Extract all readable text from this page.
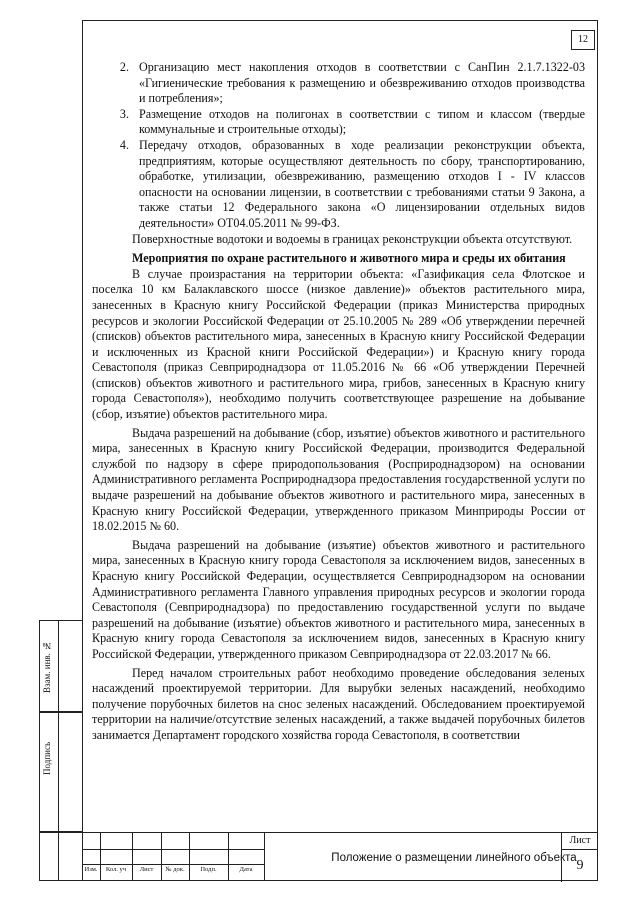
12
2. Организацию мест накопления отходов в соответствии с СанПин 2.1.7.1322-03 «Гигиенические требования к размещению и обезвреживанию отходов производства и потребления»;
3. Размещение отходов на полигонах в соответствии с типом и классом (твердые коммунальные и строительные отходы);
4. Передачу отходов, образованных в ходе реализации реконструкции объекта, предприятиям, которые осуществляют деятельность по сбору, транспортированию, обработке, утилизации, обезвреживанию, размещению отходов I - IV классов опасности на основании лицензии, в соответствии с требованиями статьи 9 Закона, а также статьи 12 Федерального закона «О лицензировании отдельных видов деятельности» ОТ04.05.2011 № 99-ФЗ.

Поверхностные водотоки и водоемы в границах реконструкции объекта отсутствуют.

Мероприятия по охране растительного и животного мира и среды их обитания

В случае произрастания на территории объекта: «Газификация села Флотское и поселка 10 км Балаклавского шоссе (низкое давление)» объектов растительного мира, занесенных в Красную книгу Российской Федерации (приказ Министерства природных ресурсов и экологии Российской Федерации от 25.10.2005 № 289 «Об утверждении перечней (списков) объектов растительного мира, занесенных в Красную книгу Российской Федерации и исключенных из Красной книги Российской Федерации») и Красную книгу города Севастополя (приказ Севприроднадзора от 11.05.2016 № 66 «Об утверждении Перечней (списков) объектов животного и растительного мира, грибов, занесенных в Красную книгу города Севастополя»), необходимо получить соответствующее разрешение на добывание (сбор, изъятие) объектов растительного мира.

Выдача разрешений на добывание (сбор, изъятие) объектов животного и растительного мира, занесенных в Красную книгу Российской Федерации, производится Федеральной службой по надзору в сфере природопользования (Росприроднадзором) на основании Административного регламента Росприроднадзора предоставления государственной услуги по выдаче разрешений на добывание объектов животного и растительного мира, занесенных в Красную книгу Российской Федерации, утвержденного приказом Минприроды России от 18.02.2015 № 60.

Выдача разрешений на добывание (изъятие) объектов животного и растительного мира, занесенных в Красную книгу города Севастополя за исключением видов, занесенных в Красную книгу Российской Федерации, осуществляется Севприроднадзором на основании Административного регламента Главного управления природных ресурсов и экологии города Севастополя (Севприроднадзора) по предоставлению государственной услуги по выдаче разрешений на добывание (изъятие) объектов животного и растительного мира, занесенных в Красную книгу города Севастополя за исключением видов, занесенных в Красную книгу Российской Федерации, утвержденного приказом Севприроднадзора от 22.03.2017 № 66.

Перед началом строительных работ необходимо проведение обследования зеленых насаждений проектируемой территории. Для вырубки зеленых насаждений, необходимо получение порубочных билетов на снос зеленых насаждений. Обследованием проектируемой территории на наличие/отсутствие зеленых насаждений, а также выдачей порубочных билетов занимается Департамент городского хозяйства города Севастополя, в соответствии

Взам. инв. №
Подпись
Изм.	Кол. уч	Лист	№ док.	Подп.	Дата
Положение о размещении линейного объекта
Лист
9
